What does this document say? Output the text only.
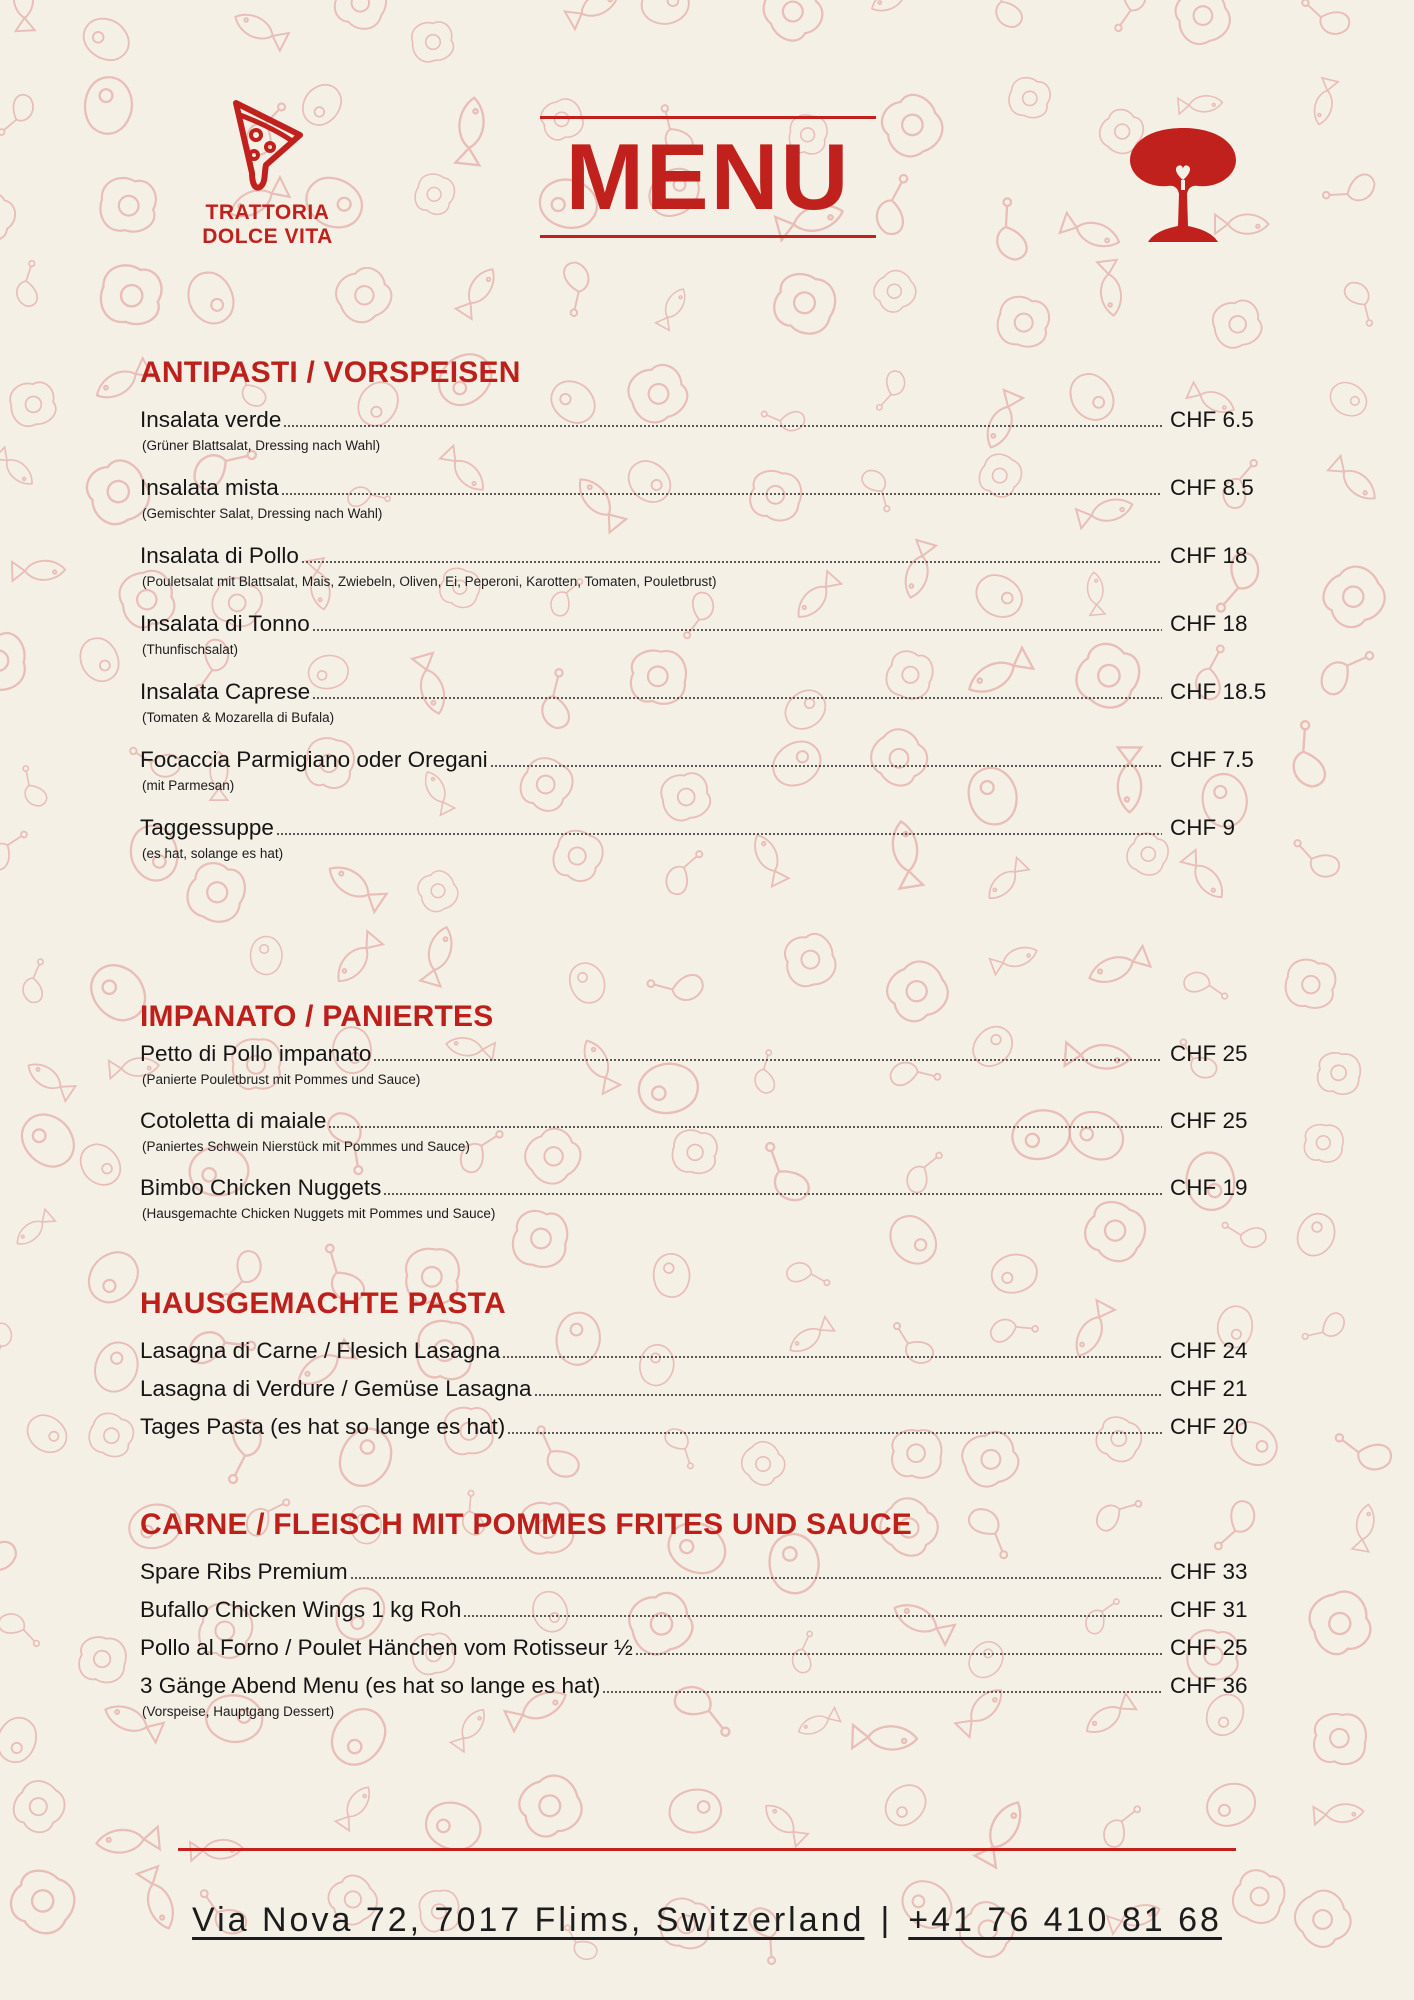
TRATTORIA
DOLCE VITA
MENU
ANTIPASTI / VORSPEISEN
Insalata verde	CHF 6.5
(Grüner Blattsalat, Dressing nach Wahl)
Insalata mista	CHF 8.5
(Gemischter Salat, Dressing nach Wahl)
Insalata di Pollo	CHF 18
(Pouletsalat mit Blattsalat, Mais, Zwiebeln, Oliven, Ei, Peperoni, Karotten, Tomaten, Pouletbrust)
Insalata di Tonno	CHF 18
(Thunfischsalat)
Insalata Caprese	CHF 18.5
(Tomaten & Mozarella di Bufala)
Focaccia Parmigiano oder Oregani	CHF 7.5
(mit Parmesan)
Taggessuppe	CHF 9
(es hat, solange es hat)
IMPANATO / PANIERTES
Petto di Pollo impanato	CHF 25
(Panierte Pouletbrust mit Pommes und Sauce)
Cotoletta di maiale	CHF 25
(Paniertes Schwein Nierstück mit Pommes und Sauce)
Bimbo Chicken Nuggets	CHF 19
(Hausgemachte Chicken Nuggets mit Pommes und Sauce)
HAUSGEMACHTE PASTA
Lasagna di Carne / Flesich Lasagna	CHF 24
Lasagna di Verdure / Gemüse Lasagna	CHF 21
Tages Pasta (es hat so lange es hat)	CHF 20
CARNE / FLEISCH MIT POMMES FRITES UND SAUCE
Spare Ribs Premium	CHF 33
Bufallo Chicken Wings 1 kg Roh	CHF 31
Pollo al Forno / Poulet Hänchen vom Rotisseur ½	CHF 25
3 Gänge Abend Menu (es hat so lange es hat)	CHF 36
(Vorspeise, Hauptgang Dessert)
Via Nova 72, 7017 Flims, Switzerland | +41 76 410 81 68
